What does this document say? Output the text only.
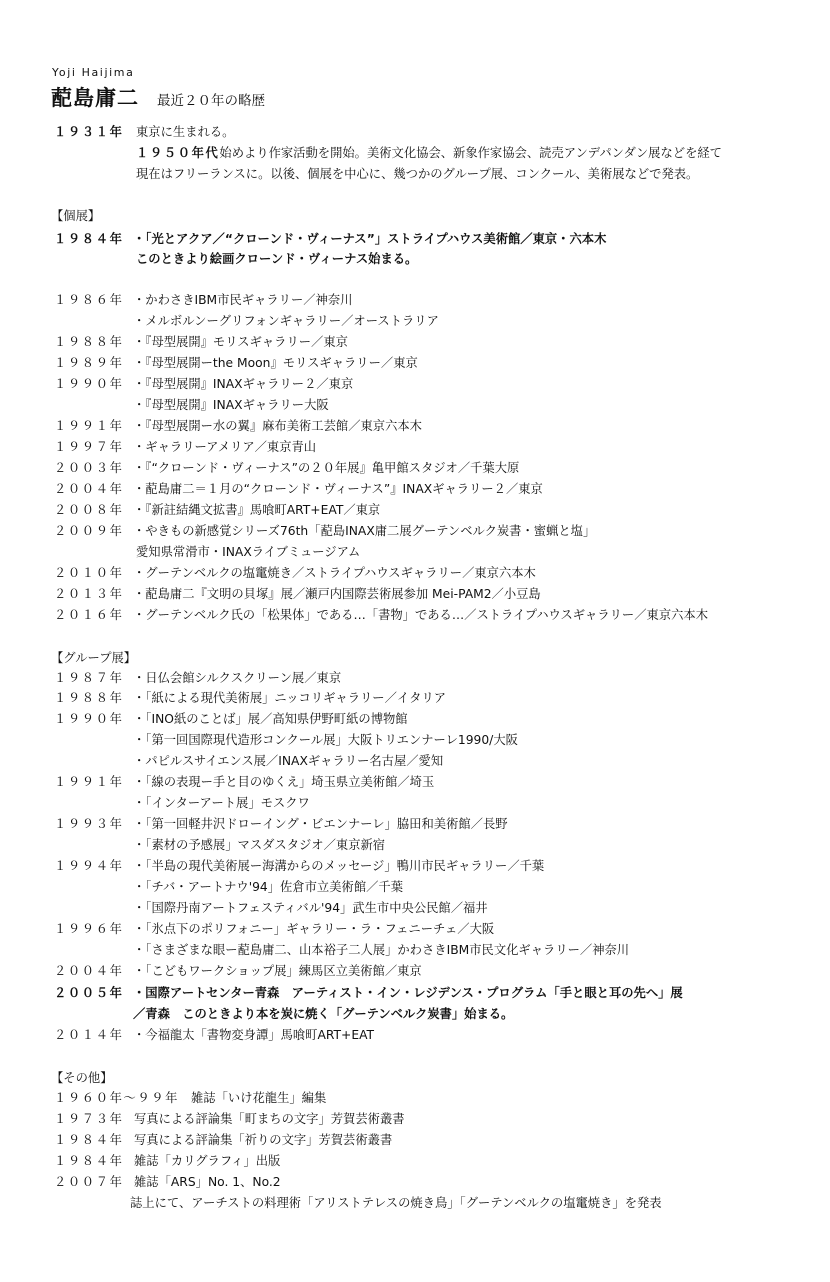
Yoji Haijima
蓜島庸二 最近２０年の略歴
１９３１年 東京に生まれる。
１９５０年代始めより作家活動を開始。美術文化協会、新象作家協会、読売アンデパンダン展などを経て
現在はフリーランスに。以後、個展を中心に、幾つかのグループ展、コンクール、美術展などで発表。
【個展】
１９８４年 ・「光とアクア／“クローンド・ヴィーナス”」ストライプハウス美術館／東京・六本木
このときより絵画クローンド・ヴィーナス始まる。
１９８６年 ・かわさきIBM市民ギャラリー／神奈川
・メルボルンーグリフォンギャラリー／オーストラリア
１９８８年 ・『母型展開』モリスギャラリー／東京
１９８９年 ・『母型展開ーthe Moon』モリスギャラリー／東京
１９９０年 ・『母型展開』INAXギャラリー２／東京
・『母型展開』INAXギャラリー大阪
１９９１年 ・『母型展開ー水の翼』麻布美術工芸館／東京六本木
１９９７年 ・ギャラリーアメリア／東京青山
２００３年 ・『“クローンド・ヴィーナス”の２０年展』亀甲館スタジオ／千葉大原
２００４年 ・蓜島庸二＝１月の“クローンド・ヴィーナス”』INAXギャラリー２／東京
２００８年 ・『新註結縄文拡書』馬喰町ART+EAT／東京
２００９年 ・やきもの新感覚シリーズ76th「蓜島INAX庸二展グーテンベルク炭書・蜜蝋と塩」
愛知県常滑市・INAXライブミュージアム
２０１０年 ・グーテンベルクの塩竃焼き／ストライプハウスギャラリー／東京六本木
２０１３年 ・蓜島庸二『文明の貝塚』展／瀬戸内国際芸術展参加 Mei-PAM2／小豆島
２０１６年 ・グーテンベルク氏の「松果体」である…「書物」である…／ストライプハウスギャラリー／東京六本木
【グループ展】
１９８７年 ・日仏会館シルクスクリーン展／東京
１９８８年 ・「紙による現代美術展」ニッコリギャラリー／イタリア
１９９０年 ・「INO紙のことば」展／高知県伊野町紙の博物館
・「第一回国際現代造形コンクール展」大阪トリエンナーレ1990/大阪
・パピルスサイエンス展／INAXギャラリー名古屋／愛知
１９９１年 ・「線の表現ー手と目のゆくえ」埼玉県立美術館／埼玉
・「インターアート展」モスクワ
１９９３年 ・「第一回軽井沢ドローイング・ビエンナーレ」脇田和美術館／長野
・「素材の予感展」マスダスタジオ／東京新宿
１９９４年 ・「半島の現代美術展ー海溝からのメッセージ」鴨川市民ギャラリー／千葉
・「チバ・アートナウ'94」佐倉市立美術館／千葉
・「国際丹南アートフェスティバル'94」武生市中央公民館／福井
１９９６年 ・「氷点下のポリフォニー」ギャラリー・ラ・フェニーチェ／大阪
・「さまざまな眼ー蓜島庸二、山本裕子二人展」かわさきIBM市民文化ギャラリー／神奈川
２００４年 ・「こどもワークショップ展」練馬区立美術館／東京
２００５年 ・国際アートセンター青森　アーティスト・イン・レジデンス・プログラム「手と眼と耳の先へ」展
／青森　このときより本を炭に焼く「グーテンベルク炭書」始まる。
２０１４年 ・今福龍太「書物変身譚」馬喰町ART+EAT
【その他】
１９６０年〜９９年 雑誌「いけ花龍生」編集
１９７３年 写真による評論集「町まちの文字」芳賀芸術叢書
１９８４年 写真による評論集「祈りの文字」芳賀芸術叢書
１９８４年 雑誌「カリグラフィ」出版
２００７年 雑誌「ARS」No. 1、No.2
誌上にて、アーチストの料理術「アリストテレスの焼き鳥」「グーテンベルクの塩竃焼き」を発表
